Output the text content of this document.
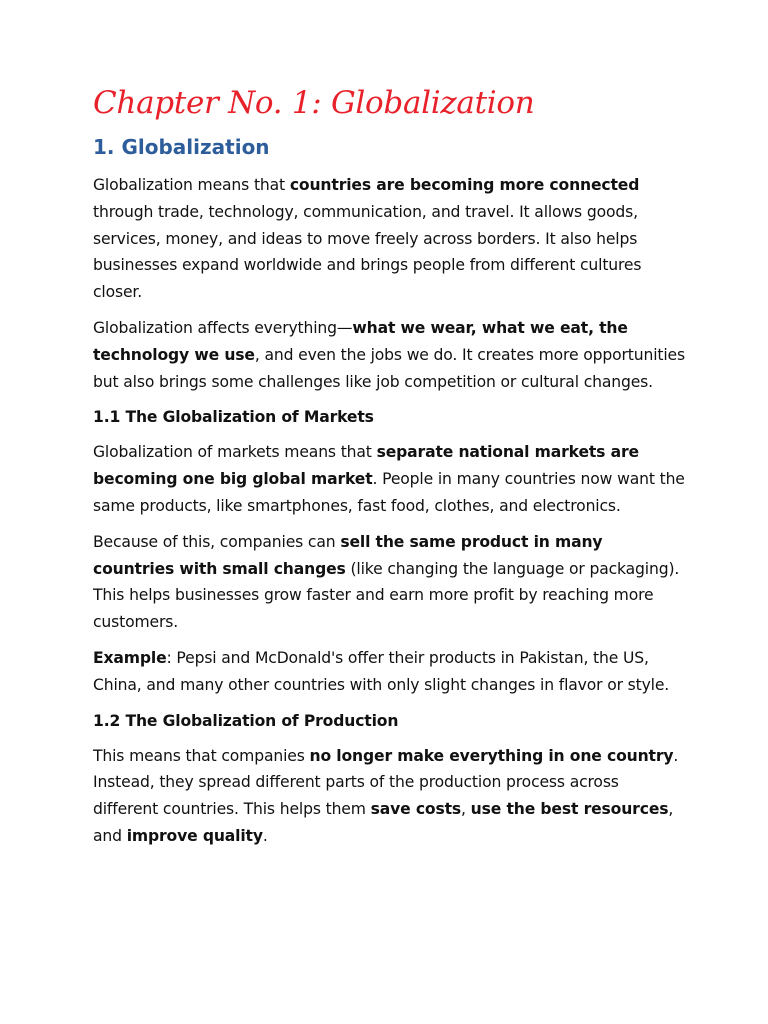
Chapter No. 1: Globalization
1. Globalization

Globalization means that countries are becoming more connected through trade, technology, communication, and travel. It allows goods, services, money, and ideas to move freely across borders. It also helps businesses expand worldwide and brings people from different cultures closer.

Globalization affects everything—what we wear, what we eat, the technology we use, and even the jobs we do. It creates more opportunities but also brings some challenges like job competition or cultural changes.

1.1 The Globalization of Markets

Globalization of markets means that separate national markets are becoming one big global market. People in many countries now want the same products, like smartphones, fast food, clothes, and electronics.

Because of this, companies can sell the same product in many countries with small changes (like changing the language or packaging). This helps businesses grow faster and earn more profit by reaching more customers.

Example: Pepsi and McDonald's offer their products in Pakistan, the US, China, and many other countries with only slight changes in flavor or style.

1.2 The Globalization of Production

This means that companies no longer make everything in one country. Instead, they spread different parts of the production process across different countries. This helps them save costs, use the best resources, and improve quality.
